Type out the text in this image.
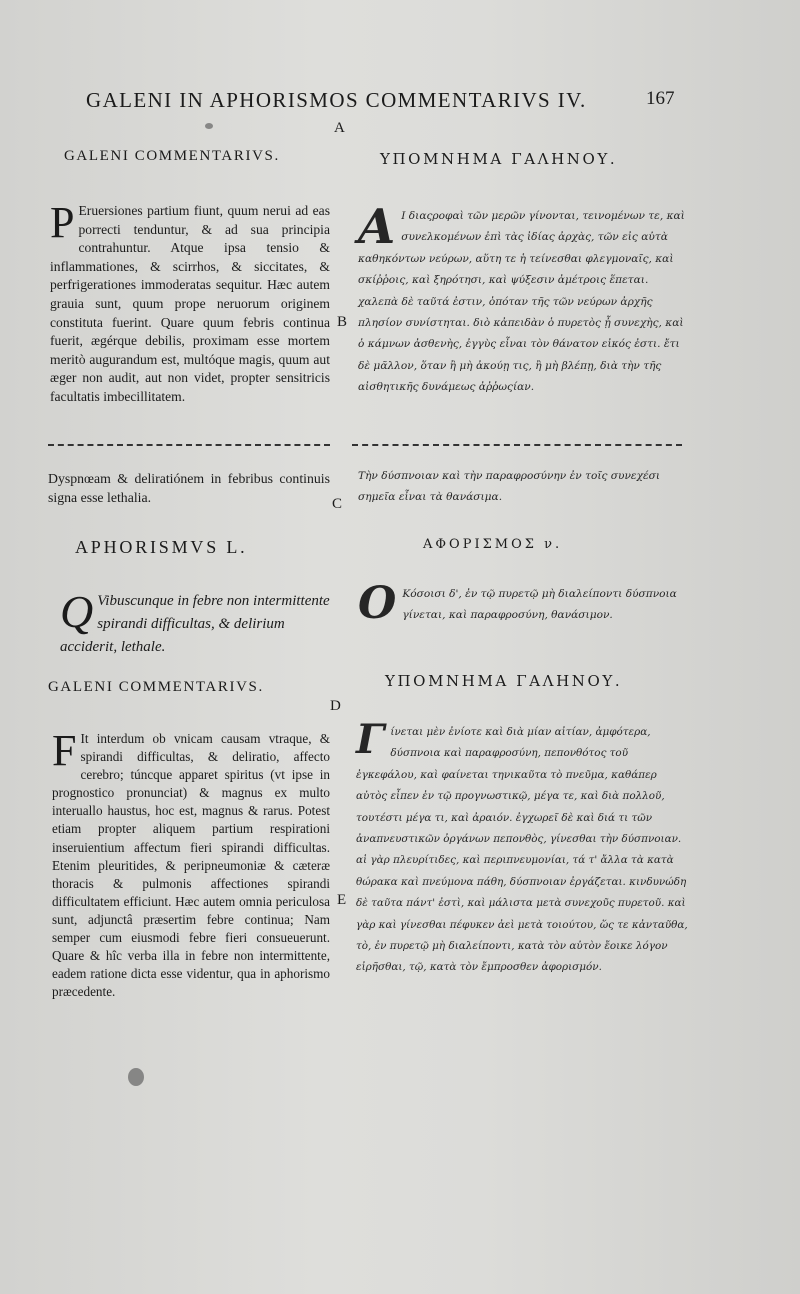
GALENI IN APHORISMOS COMMENTARIVS IV.	167
A
B
C
D
E
GALENI COMMENTARIVS.	ΥΠΟΜΝΗΜΑ ΓΑΛΗΝΟΥ.
P Eruersiones partium fiunt, quum nerui ad eas porrecti tenduntur, & ad sua principia contrahuntur. Atque ipsa tensio & inflammationes, & scirrhos, & siccitates, & perfrigerationes immoderatas sequitur. Hæc autem grauia sunt, quum prope neruorum originem constituta fuerint. Quare quum febris continua fuerit, ægérque debilis, proximam esse mortem meritò augurandum est, multóque magis, quum aut æger non audit, aut non videt, propter sensitricis facultatis imbecillitatem.
Α Ι διαςροφαὶ τῶν μερῶν γίνονται, τεινομένων τε, καὶ συνελκομένων ἐπὶ τὰς ἰδίας ἀρχὰς, τῶν εἰς αὐτὰ καθηκόντων νεύρων, αὕτη τε ἡ τείνεσθαι φλεγμοναῖς, καὶ σκίῤῥοις, καὶ ξηρότησι, καὶ ψύξεσιν ἀμέτροις ἕπεται. χαλεπὰ δὲ ταῦτά ἐστιν, ὁπόταν τῆς τῶν νεύρων ἀρχῆς πλησίον συνίστηται. διὸ κἀπειδὰν ὁ πυρετὸς ᾖ συνεχὴς, καὶ ὁ κάμνων ἀσθενὴς, ἐγγὺς εἶναι τὸν θάνατον εἰκός ἐστι. ἔτι δὲ μᾶλλον, ὅταν ἢ μὴ ἀκούῃ τις, ἢ μὴ βλέπῃ, διὰ τὴν τῆς αἰσθητικῆς δυνάμεως ἀῤῥωςίαν.
Dyspnœam & deliratiónem in febribus continuis signa esse lethalia.
Τὴν δύσπνοιαν καὶ τὴν παραφροσύνην ἐν τοῖς συνεχέσι σημεῖα εἶναι τὰ θανάσιμα.
APHORISMVS L.	ΑΦΟΡΙΣΜΟΣ ν.
Q Vibuscunque in febre non intermittente spirandi difficultas, & delirium acciderit, lethale.
Ο Κόσοισι δ', ἐν τῷ πυρετῷ μὴ διαλείποντι δύσπνοια γίνεται, καὶ παραφροσύνη, θανάσιμον.
GALENI COMMENTARIVS.	ΥΠΟΜΝΗΜΑ ΓΑΛΗΝΟΥ.
F It interdum ob vnicam causam vtraque, & spirandi difficultas, & deliratio, affecto cerebro; túncque apparet spiritus (vt ipse in prognostico pronunciat) & magnus ex multo interuallo haustus, hoc est, magnus & rarus. Potest etiam propter aliquem partium respirationi inseruientium affectum fieri spirandi difficultas. Etenim pleuritides, & peripneumoniæ & cæteræ thoracis & pulmonis affectiones spirandi difficultatem efficiunt. Hæc autem omnia periculosa sunt, adjunctâ præsertim febre continua; Nam semper cum eiusmodi febre fieri consueuerunt. Quare & hîc verba illa in febre non intermittente, eadem ratione dicta esse videntur, qua in aphorismo præcedente.
Γίνεται μὲν ἐνίοτε καὶ διὰ μίαν αἰτίαν, ἀμφότερα, δύσπνοια καὶ παραφροσύνη, πεπονθότος τοῦ ἐγκεφάλου, καὶ φαίνεται τηνικαῦτα τὸ πνεῦμα, καθάπερ αὐτὸς εἶπεν ἐν τῷ προγνωστικῷ, μέγα τε, καὶ διὰ πολλοῦ, τουτέστι μέγα τι, καὶ ἀραιόν. ἐγχωρεῖ δὲ καὶ διά τι τῶν ἀναπνευστικῶν ὀργάνων πεπονθὸς, γίνεσθαι τὴν δύσπνοιαν. αἱ γὰρ πλευρίτιδες, καὶ περιπνευμονίαι, τά τ' ἄλλα τὰ κατὰ θώρακα καὶ πνεύμονα πάθη, δύσπνοιαν ἐργάζεται. κινδυνώδη δὲ ταῦτα πάντ' ἐστὶ, καὶ μάλιστα μετὰ συνεχοῦς πυρετοῦ. καὶ γὰρ καὶ γίνεσθαι πέφυκεν ἀεὶ μετὰ τοιούτου, ὥς τε κἀνταῦθα, τὸ, ἐν πυρετῷ μὴ διαλείποντι, κατὰ τὸν αὐτὸν ἔοικε λόγον εἰρῆσθαι, τῷ, κατὰ τὸν ἔμπροσθεν ἀφορισμόν.
